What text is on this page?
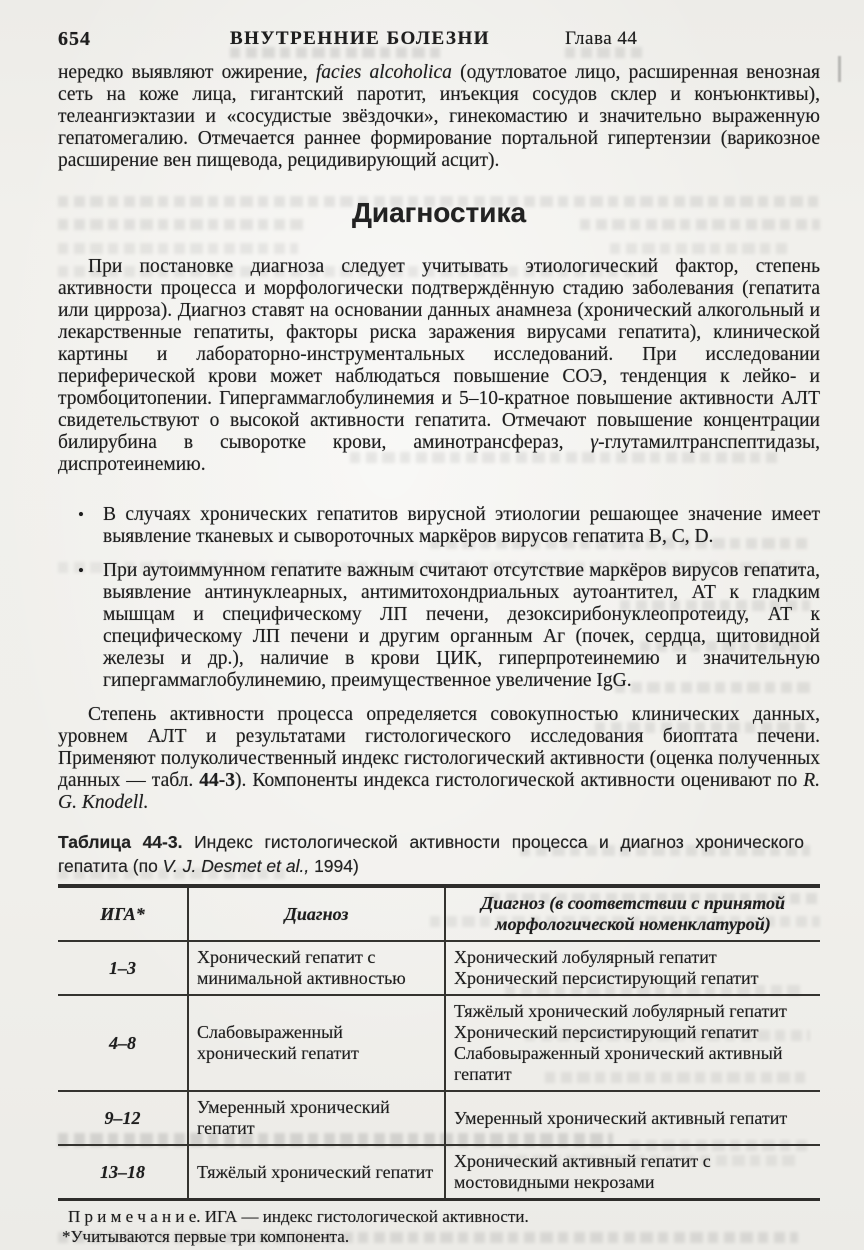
654	ВНУТРЕННИЕ БОЛЕЗНИ	Глава 44

нередко выявляют ожирение, facies alcoholica (одутловатое лицо, расширенная венозная сеть на коже лица, гигантский паротит, инъекция сосудов склер и конъюнктивы), телеангиэктазии и «сосудистые звёздочки», гинекомастию и значительно выраженную гепатомегалию. Отмечается раннее формирование портальной гипертензии (варикозное расширение вен пищевода, рецидивирующий асцит).

Диагностика

При постановке диагноза следует учитывать этиологический фактор, степень активности процесса и морфологически подтверждённую стадию заболевания (гепатита или цирроза). Диагноз ставят на основании данных анамнеза (хронический алкогольный и лекарственные гепатиты, факторы риска заражения вирусами гепатита), клинической картины и лабораторно-инструментальных исследований. При исследовании периферической крови может наблюдаться повышение СОЭ, тенденция к лейко- и тромбоцитопении. Гипергаммаглобулинемия и 5–10-кратное повышение активности АЛТ свидетельствуют о высокой активности гепатита. Отмечают повышение концентрации билирубина в сыворотке крови, аминотрансфераз, γ-глутамилтранспептидазы, диспротеинемию.

• В случаях хронических гепатитов вирусной этиологии решающее значение имеет выявление тканевых и сывороточных маркёров вирусов гепатита B, C, D.
• При аутоиммунном гепатите важным считают отсутствие маркёров вирусов гепатита, выявление антинуклеарных, антимитохондриальных аутоантител, АТ к гладким мышцам и специфическому ЛП печени, дезоксирибонуклеопротеиду, АТ к специфическому ЛП печени и другим органным Аг (почек, сердца, щитовидной железы и др.), наличие в крови ЦИК, гиперпротеинемию и значительную гипергаммаглобулинемию, преимущественное увеличение IgG.

Степень активности процесса определяется совокупностью клинических данных, уровнем АЛТ и результатами гистологического исследования биоптата печени. Применяют полуколичественный индекс гистологический активности (оценка полученных данных — табл. 44-3). Компоненты индекса гистологической активности оценивают по R. G. Knodell.

Таблица 44-3. Индекс гистологической активности процесса и диагноз хронического гепатита (по V. J. Desmet et al., 1994)

ИГА*	Диагноз	Диагноз (в соответствии с принятой морфологической номенклатурой)
1–3	Хронический гепатит с минимальной активностью	Хронический лобулярный гепатит
Хронический персистирующий гепатит

4–8	Слабовыраженный хронический гепатит	Тяжёлый хронический лобулярный гепатит
Хронический персистирующий гепатит
Слабовыраженный хронический активный гепатит

9–12	Умеренный хронический гепатит	Умеренный хронический активный гепатит

13–18	Тяжёлый хронический гепатит	Хронический активный гепатит с мостовидными некрозами

П р и м е ч а н и е. ИГА — индекс гистологической активности.
*Учитываются первые три компонента.		
